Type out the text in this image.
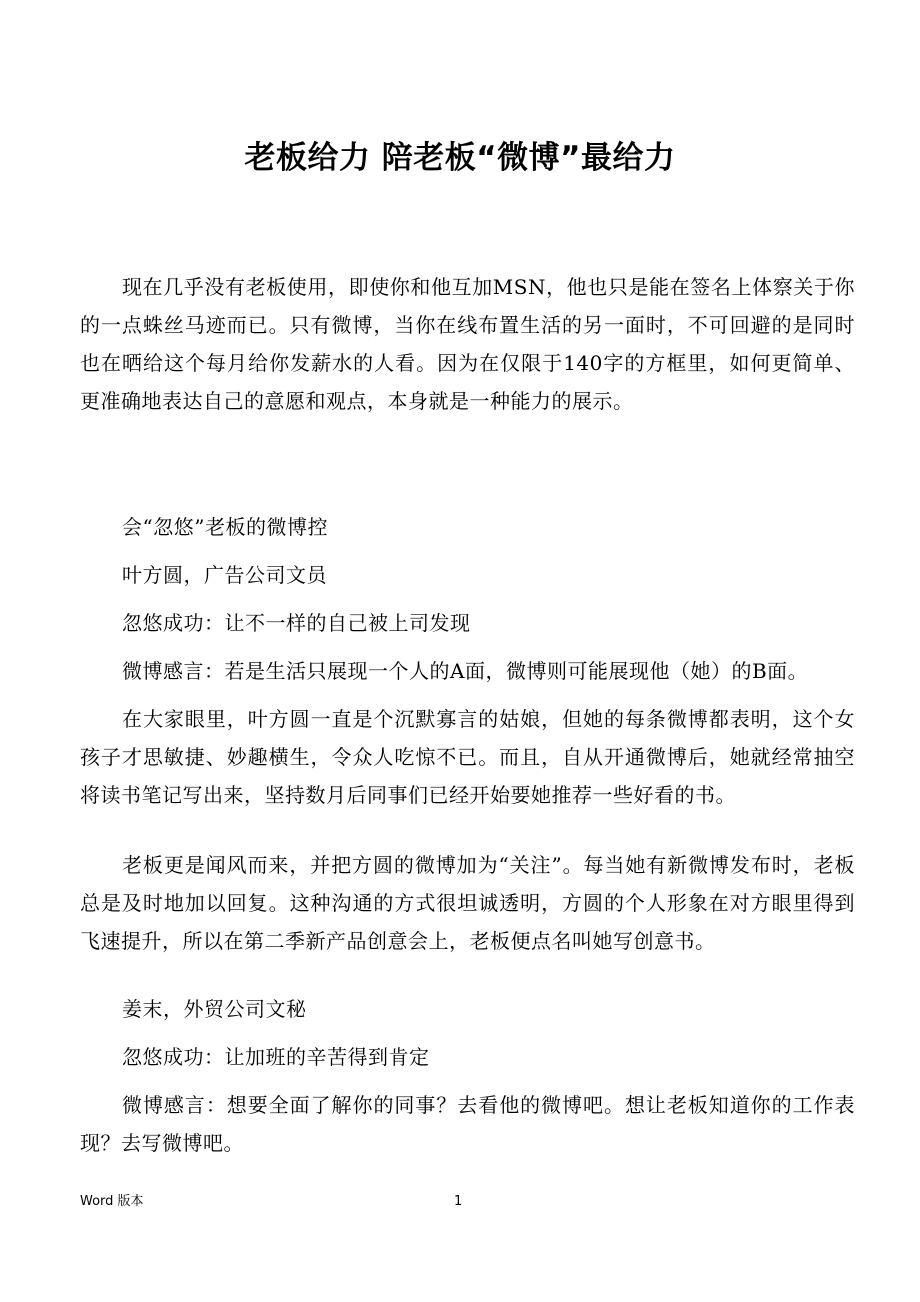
老板给力 陪老板“微博”最给力

现在几乎没有老板使用，即使你和他互加MSN，他也只是能在签名上体察关于你的一点蛛丝马迹而已。只有微博，当你在线布置生活的另一面时，不可回避的是同时也在晒给这个每月给你发薪水的人看。因为在仅限于140字的方框里，如何更简单、更准确地表达自己的意愿和观点，本身就是一种能力的展示。

会“忽悠”老板的微博控

叶方圆，广告公司文员

忽悠成功：让不一样的自己被上司发现

微博感言：若是生活只展现一个人的A面，微博则可能展现他（她）的B面。

在大家眼里，叶方圆一直是个沉默寡言的姑娘，但她的每条微博都表明，这个女孩子才思敏捷、妙趣横生，令众人吃惊不已。而且，自从开通微博后，她就经常抽空将读书笔记写出来，坚持数月后同事们已经开始要她推荐一些好看的书。

老板更是闻风而来，并把方圆的微博加为“关注”。每当她有新微博发布时，老板总是及时地加以回复。这种沟通的方式很坦诚透明，方圆的个人形象在对方眼里得到飞速提升，所以在第二季新产品创意会上，老板便点名叫她写创意书。

姜末，外贸公司文秘

忽悠成功：让加班的辛苦得到肯定

微博感言：想要全面了解你的同事？去看他的微博吧。想让老板知道你的工作表现？去写微博吧。

Word 版本	1
